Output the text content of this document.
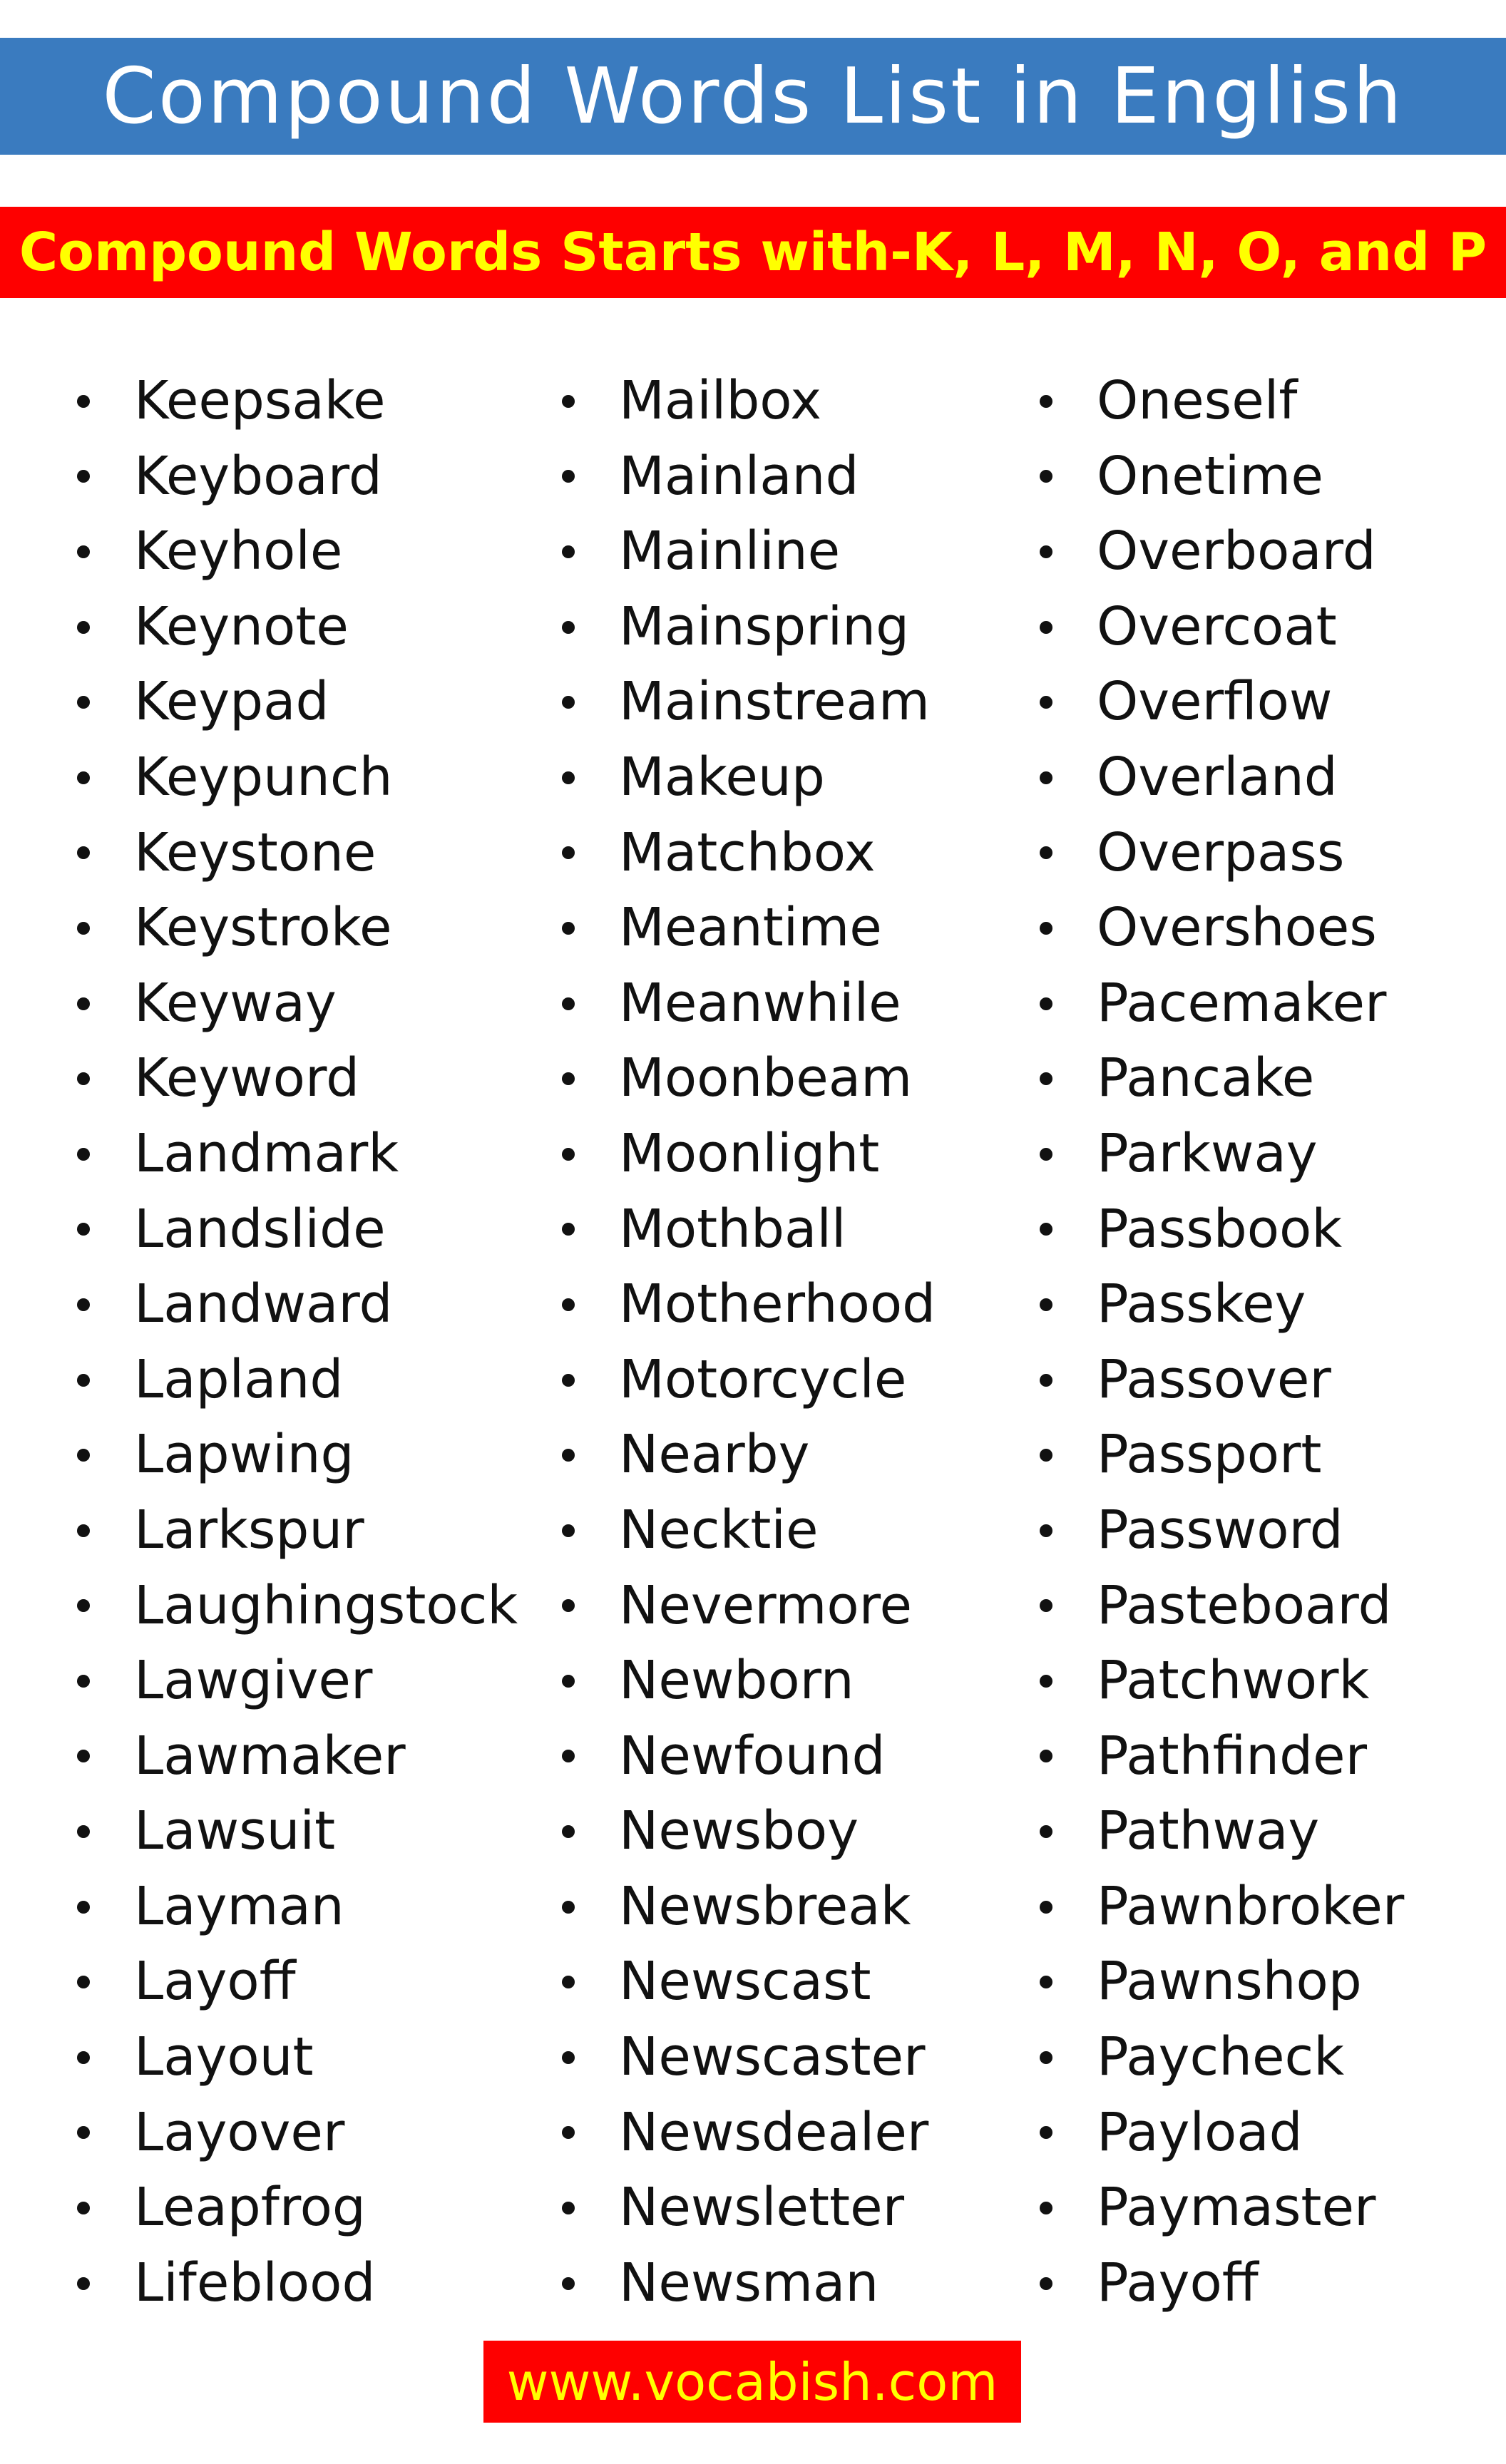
Compound Words List in English
Compound Words Starts with-K, L, M, N, O, and P
Keepsake
Keyboard
Keyhole
Keynote
Keypad
Keypunch
Keystone
Keystroke
Keyway
Keyword
Landmark
Landslide
Landward
Lapland
Lapwing
Larkspur
Laughingstock
Lawgiver
Lawmaker
Lawsuit
Layman
Layoff
Layout
Layover
Leapfrog
Lifeblood
Mailbox
Mainland
Mainline
Mainspring
Mainstream
Makeup
Matchbox
Meantime
Meanwhile
Moonbeam
Moonlight
Mothball
Motherhood
Motorcycle
Nearby
Necktie
Nevermore
Newborn
Newfound
Newsboy
Newsbreak
Newscast
Newscaster
Newsdealer
Newsletter
Newsman
Oneself
Onetime
Overboard
Overcoat
Overflow
Overland
Overpass
Overshoes
Pacemaker
Pancake
Parkway
Passbook
Passkey
Passover
Passport
Password
Pasteboard
Patchwork
Pathfinder
Pathway
Pawnbroker
Pawnshop
Paycheck
Payload
Paymaster
Payoff
www.vocabish.com
